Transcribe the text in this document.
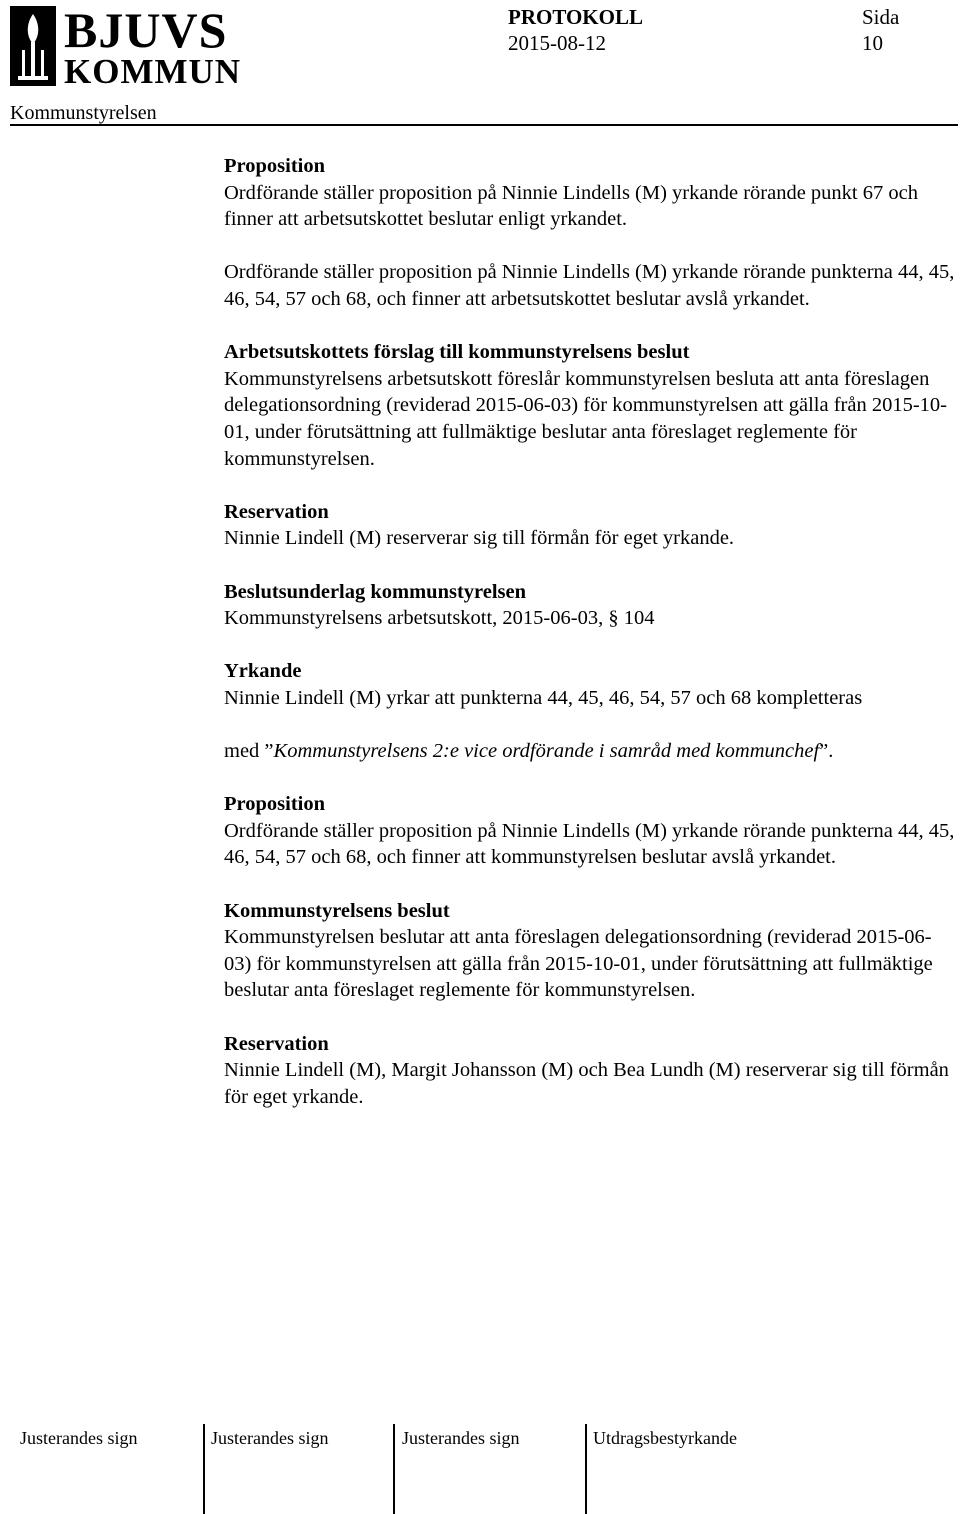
BJUVS
KOMMUN
Kommunstyrelsen
PROTOKOLL
2015-08-12
Sida
10
Proposition
Ordförande ställer proposition på Ninnie Lindells (M) yrkande rörande punkt 67 och finner att arbetsutskottet beslutar enligt yrkandet.
Ordförande ställer proposition på Ninnie Lindells (M) yrkande rörande punkterna 44, 45, 46, 54, 57 och 68, och finner att arbetsutskottet beslutar avslå yrkandet.
Arbetsutskottets förslag till kommunstyrelsens beslut
Kommunstyrelsens arbetsutskott föreslår kommunstyrelsen besluta att anta föreslagen delegationsordning (reviderad 2015-06-03) för kommunstyrelsen att gälla från 2015-10-01, under förutsättning att fullmäktige beslutar anta föreslaget reglemente för kommunstyrelsen.
Reservation
Ninnie Lindell (M) reserverar sig till förmån för eget yrkande.
Beslutsunderlag kommunstyrelsen
Kommunstyrelsens arbetsutskott, 2015-06-03, § 104
Yrkande
Ninnie Lindell (M) yrkar att punkterna 44, 45, 46, 54, 57 och 68 kompletteras
med ”Kommunstyrelsens 2:e vice ordförande i samråd med kommunchef”.
Proposition
Ordförande ställer proposition på Ninnie Lindells (M) yrkande rörande punkterna 44, 45, 46, 54, 57 och 68, och finner att kommunstyrelsen beslutar avslå yrkandet.
Kommunstyrelsens beslut
Kommunstyrelsen beslutar att anta föreslagen delegationsordning (reviderad 2015-06-03) för kommunstyrelsen att gälla från 2015-10-01, under förutsättning att fullmäktige beslutar anta föreslaget reglemente för kommunstyrelsen.
Reservation
Ninnie Lindell (M), Margit Johansson (M) och Bea Lundh (M) reserverar sig till förmån för eget yrkande.
Justerandes sign	Justerandes sign	Justerandes sign	Utdragsbestyrkande
